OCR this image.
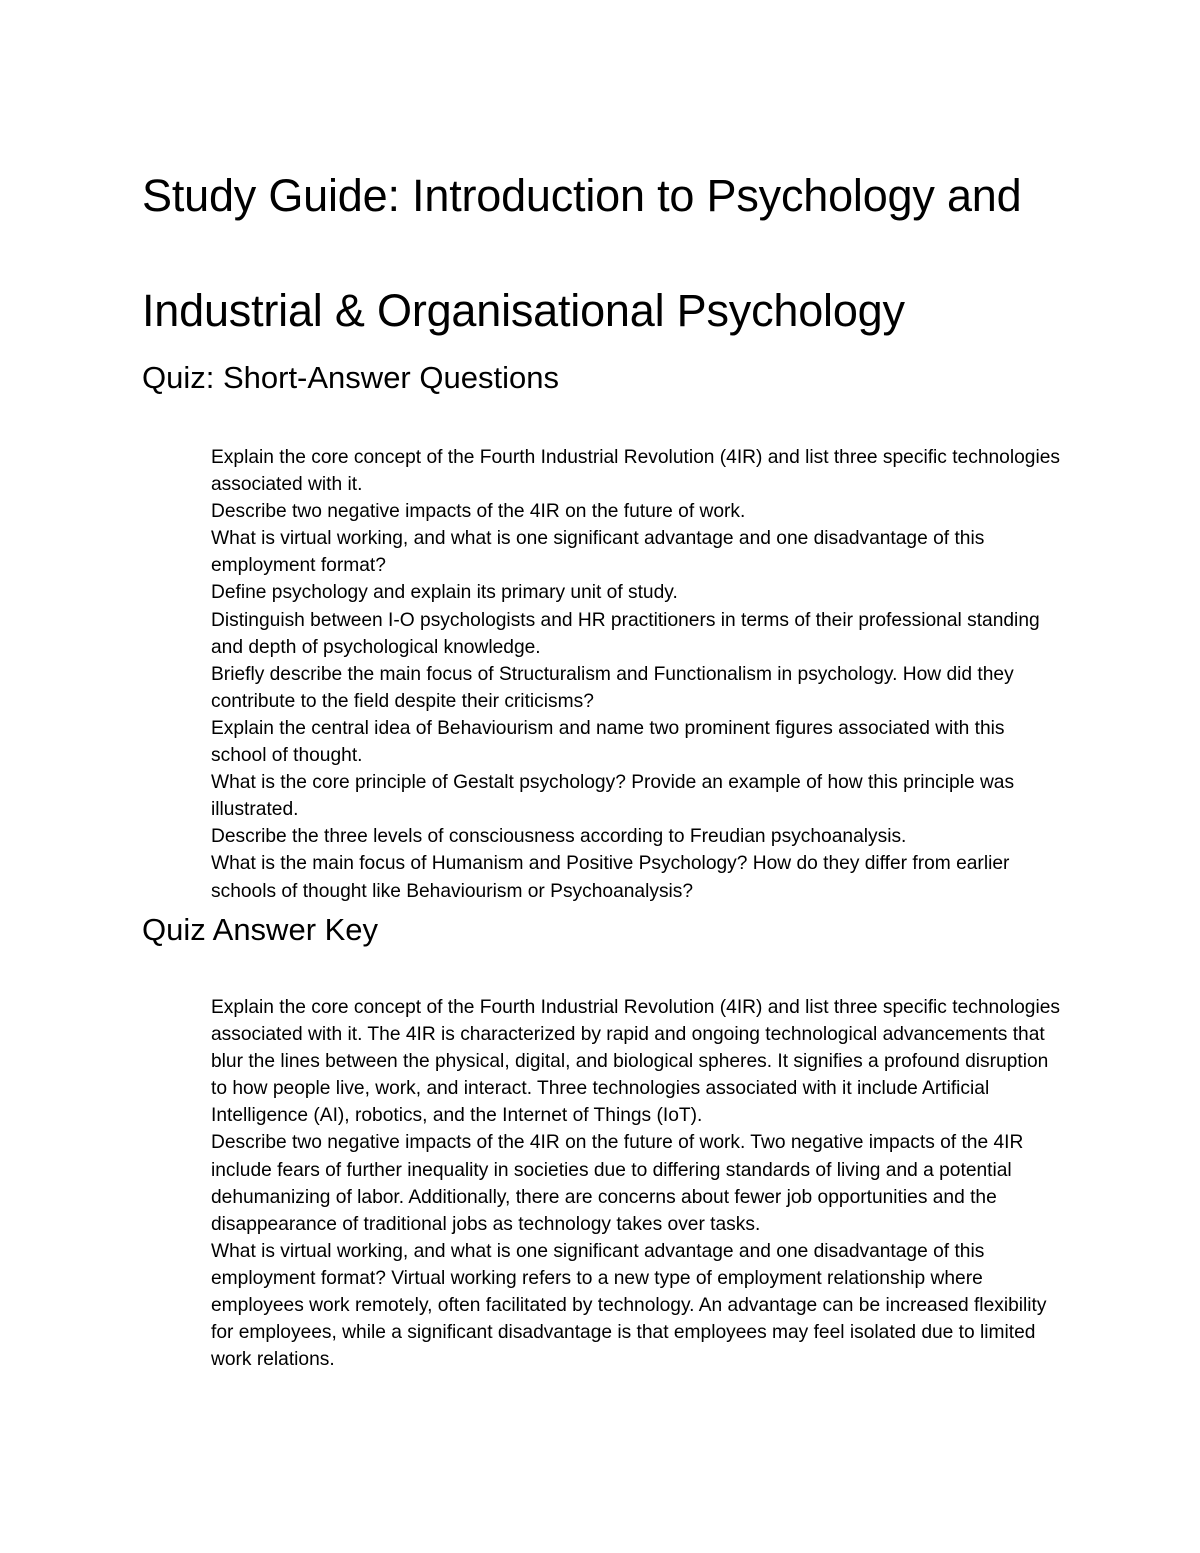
Study Guide: Introduction to Psychology and Industrial & Organisational Psychology
Quiz: Short-Answer Questions
Explain the core concept of the Fourth Industrial Revolution (4IR) and list three specific technologies associated with it.
Describe two negative impacts of the 4IR on the future of work.
What is virtual working, and what is one significant advantage and one disadvantage of this employment format?
Define psychology and explain its primary unit of study.
Distinguish between I-O psychologists and HR practitioners in terms of their professional standing and depth of psychological knowledge.
Briefly describe the main focus of Structuralism and Functionalism in psychology. How did they contribute to the field despite their criticisms?
Explain the central idea of Behaviourism and name two prominent figures associated with this school of thought.
What is the core principle of Gestalt psychology? Provide an example of how this principle was illustrated.
Describe the three levels of consciousness according to Freudian psychoanalysis.
What is the main focus of Humanism and Positive Psychology? How do they differ from earlier schools of thought like Behaviourism or Psychoanalysis?
Quiz Answer Key
Explain the core concept of the Fourth Industrial Revolution (4IR) and list three specific technologies associated with it. The 4IR is characterized by rapid and ongoing technological advancements that blur the lines between the physical, digital, and biological spheres. It signifies a profound disruption to how people live, work, and interact. Three technologies associated with it include Artificial Intelligence (AI), robotics, and the Internet of Things (IoT).
Describe two negative impacts of the 4IR on the future of work. Two negative impacts of the 4IR include fears of further inequality in societies due to differing standards of living and a potential dehumanizing of labor. Additionally, there are concerns about fewer job opportunities and the disappearance of traditional jobs as technology takes over tasks.
What is virtual working, and what is one significant advantage and one disadvantage of this employment format? Virtual working refers to a new type of employment relationship where employees work remotely, often facilitated by technology. An advantage can be increased flexibility for employees, while a significant disadvantage is that employees may feel isolated due to limited work relations.
